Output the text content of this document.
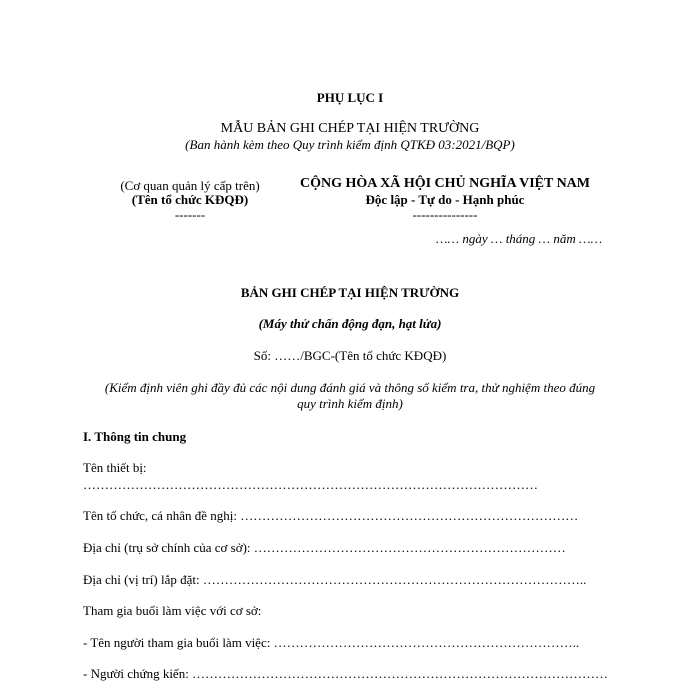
PHỤ LỤC I
MẪU BẢN GHI CHÉP TẠI HIỆN TRƯỜNG
(Ban hành kèm theo Quy trình kiểm định QTKĐ 03:2021/BQP)
(Cơ quan quản lý cấp trên)
(Tên tổ chức KĐQĐ)
-------
CỘNG HÒA XÃ HỘI CHỦ NGHĨA VIỆT NAM
Độc lập - Tự do - Hạnh phúc
---------------
…… ngày … tháng … năm ……
BẢN GHI CHÉP TẠI HIỆN TRƯỜNG
(Máy thử chấn động đạn, hạt lửa)
Số: ……/BGC-(Tên tổ chức KĐQĐ)
(Kiểm định viên ghi đầy đủ các nội dung đánh giá và thông số kiểm tra, thử nghiệm theo đúng
quy trình kiểm định)
I. Thông tin chung
Tên thiết bị:
……………………………………………………………………………………………
Tên tổ chức, cá nhân đề nghị: ……………………………………………………………………
Địa chỉ (trụ sở chính của cơ sở): ………………………………………………………………
Địa chỉ (vị trí) lắp đặt: ……………………………………………………………………………..
Tham gia buổi làm việc với cơ sở:
- Tên người tham gia buổi làm việc: ……………………………………………………………..
- Người chứng kiến: ……………………………………………………………………………………
